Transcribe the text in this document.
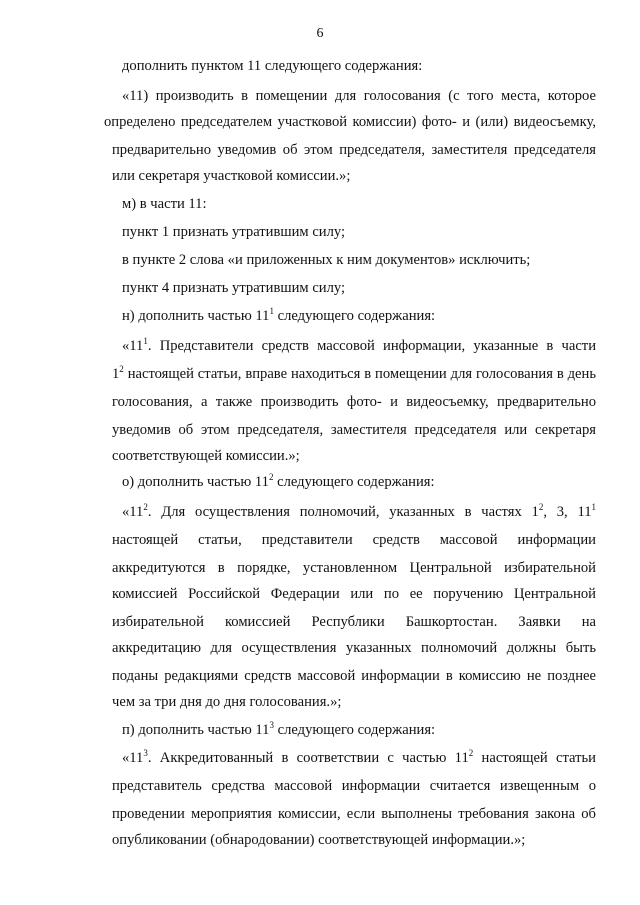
6
дополнить пунктом 11 следующего содержания:
«11) производить в помещении для голосования (с того места, которое
определено председателем участковой комиссии) фото- и (или) видеосъемку,
предварительно уведомив об этом председателя, заместителя председателя
или секретаря участковой комиссии.»;
м) в части 11:
пункт 1 признать утратившим силу;
в пункте 2 слова «и приложенных к ним документов» исключить;
пункт 4 признать утратившим силу;
н) дополнить частью $11^1$ следующего содержания:
«$11^1$. Представители средств массовой информации, указанные в части
$1^2$ настоящей статьи, вправе находиться в помещении для голосования в день
голосования, а также производить фото- и видеосъемку, предварительно
уведомив об этом председателя, заместителя председателя или секретаря
соответствующей комиссии.»;
о) дополнить частью $11^2$ следующего содержания:
«$11^2$. Для осуществления полномочий, указанных в частях $1^2$, 3, $11^1$
настоящей статьи, представители средств массовой информации
аккредитуются в порядке, установленном Центральной избирательной
комиссией Российской Федерации или по ее поручению Центральной
избирательной комиссией Республики Башкортостан. Заявки на
аккредитацию для осуществления указанных полномочий должны быть
поданы редакциями средств массовой информации в комиссию не позднее
чем за три дня до дня голосования.»;
п) дополнить частью $11^3$ следующего содержания:
«$11^3$. Аккредитованный в соответствии с частью $11^2$ настоящей статьи
представитель средства массовой информации считается извещенным о
проведении мероприятия комиссии, если выполнены требования закона об
опубликовании (обнародовании) соответствующей информации.»;
